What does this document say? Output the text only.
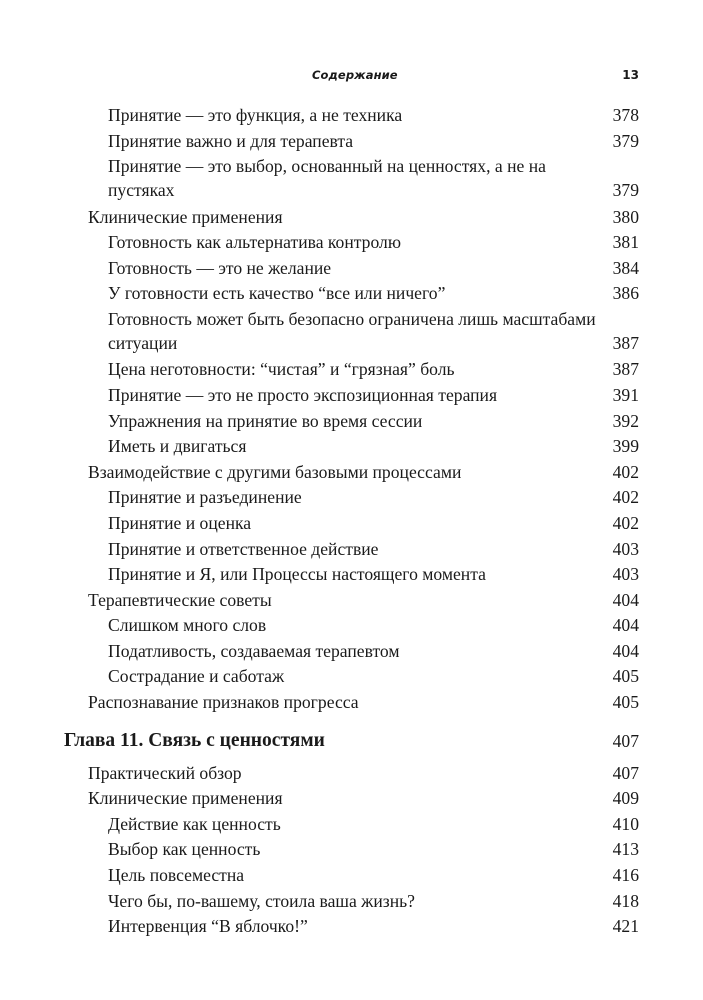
Содержание	13
Принятие — это функция, а не техника	378
Принятие важно и для терапевта	379
Принятие — это выбор, основанный на ценностях, а не на пустяках	379
Клинические применения	380
Готовность как альтернатива контролю	381
Готовность — это не желание	384
У готовности есть качество “все или ничего”	386
Готовность может быть безопасно ограничена лишь масштабами ситуации	387
Цена неготовности: “чистая” и “грязная” боль	387
Принятие — это не просто экспозиционная терапия	391
Упражнения на принятие во время сессии	392
Иметь и двигаться	399
Взаимодействие с другими базовыми процессами	402
Принятие и разъединение	402
Принятие и оценка	402
Принятие и ответственное действие	403
Принятие и Я, или Процессы настоящего момента	403
Терапевтические советы	404
Слишком много слов	404
Податливость, создаваемая терапевтом	404
Сострадание и саботаж	405
Распознавание признаков прогресса	405
Глава 11. Связь с ценностями	407
Практический обзор	407
Клинические применения	409
Действие как ценность	410
Выбор как ценность	413
Цель повсеместна	416
Чего бы, по-вашему, стоила ваша жизнь?	418
Интервенция “В яблочко!”	421
